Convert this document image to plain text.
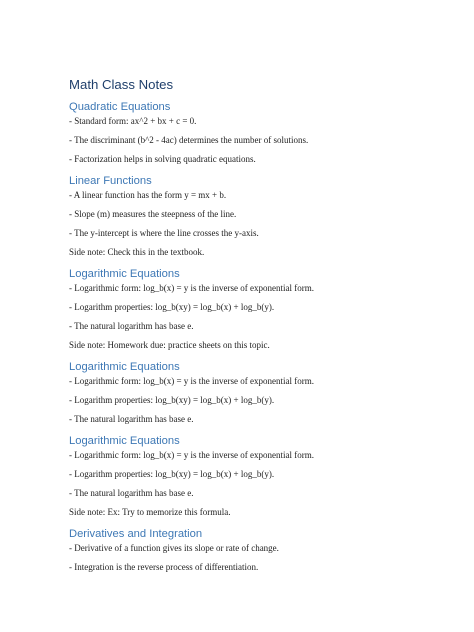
Math Class Notes
Quadratic Equations
- Standard form: ax^2 + bx + c = 0.
- The discriminant (b^2 - 4ac) determines the number of solutions.
- Factorization helps in solving quadratic equations.
Linear Functions
- A linear function has the form y = mx + b.
- Slope (m) measures the steepness of the line.
- The y-intercept is where the line crosses the y-axis.
Side note: Check this in the textbook.
Logarithmic Equations
- Logarithmic form: log_b(x) = y is the inverse of exponential form.
- Logarithm properties: log_b(xy) = log_b(x) + log_b(y).
- The natural logarithm has base e.
Side note: Homework due: practice sheets on this topic.
Logarithmic Equations
- Logarithmic form: log_b(x) = y is the inverse of exponential form.
- Logarithm properties: log_b(xy) = log_b(x) + log_b(y).
- The natural logarithm has base e.
Logarithmic Equations
- Logarithmic form: log_b(x) = y is the inverse of exponential form.
- Logarithm properties: log_b(xy) = log_b(x) + log_b(y).
- The natural logarithm has base e.
Side note: Ex: Try to memorize this formula.
Derivatives and Integration
- Derivative of a function gives its slope or rate of change.
- Integration is the reverse process of differentiation.
